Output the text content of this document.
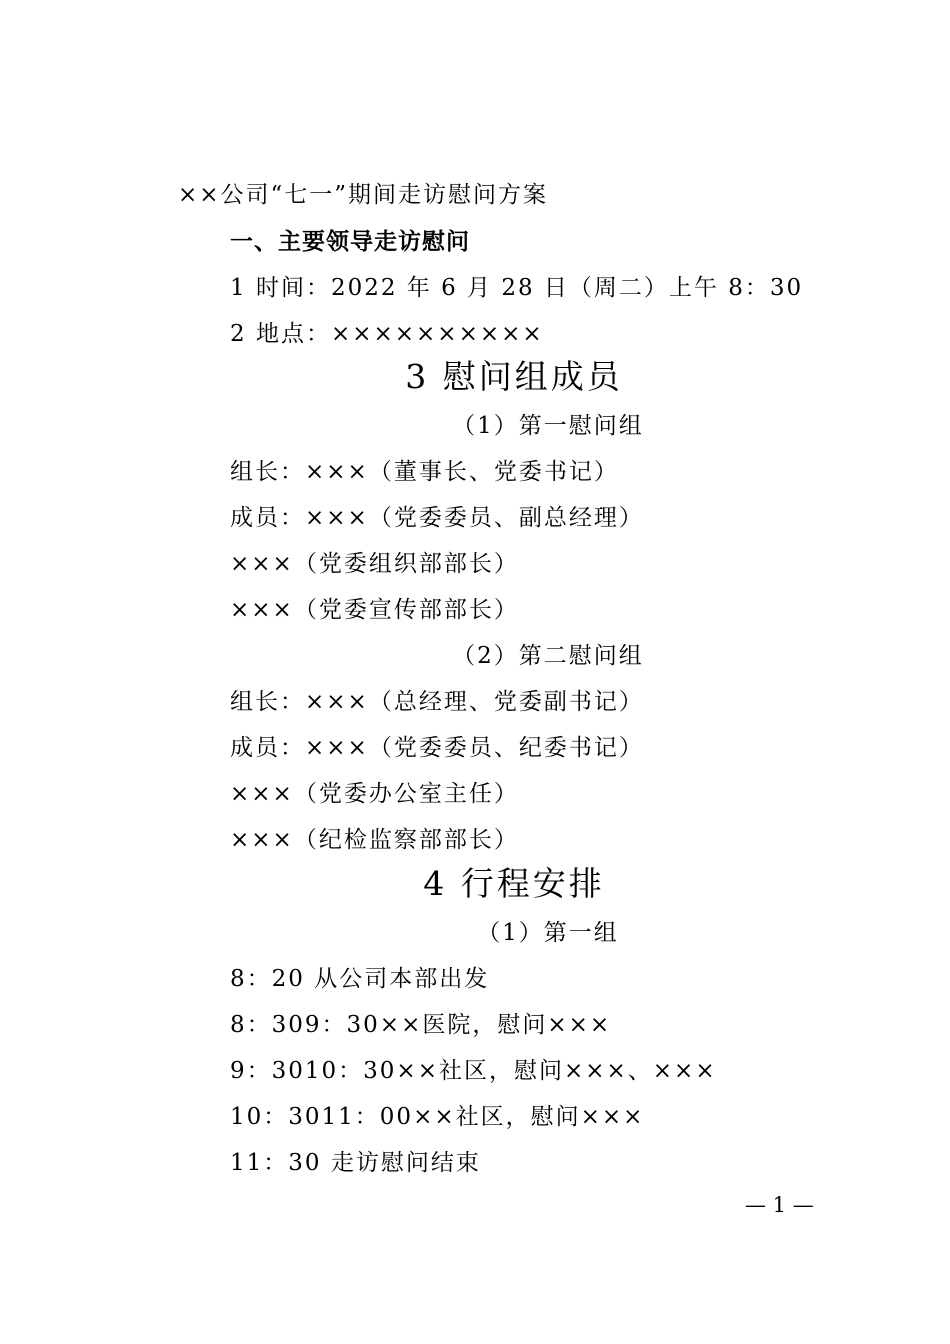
××公司“七一”期间走访慰问方案
一、主要领导走访慰问
1 时间：2022 年 6 月 28 日（周二）上午 8：30
2 地点：××××××××××
3 慰问组成员
（1）第一慰问组
组长：×××（董事长、党委书记）
成员：×××（党委委员、副总经理）
×××（党委组织部部长）
×××（党委宣传部部长）
（2）第二慰问组
组长：×××（总经理、党委副书记）
成员：×××（党委委员、纪委书记）
×××（党委办公室主任）
×××（纪检监察部部长）
4 行程安排
（1）第一组
8：20 从公司本部出发
8：309：30××医院，慰问×××
9：3010：30××社区，慰问×××、×××
10：3011：00××社区，慰问×××
11：30 走访慰问结束
— 1 —
